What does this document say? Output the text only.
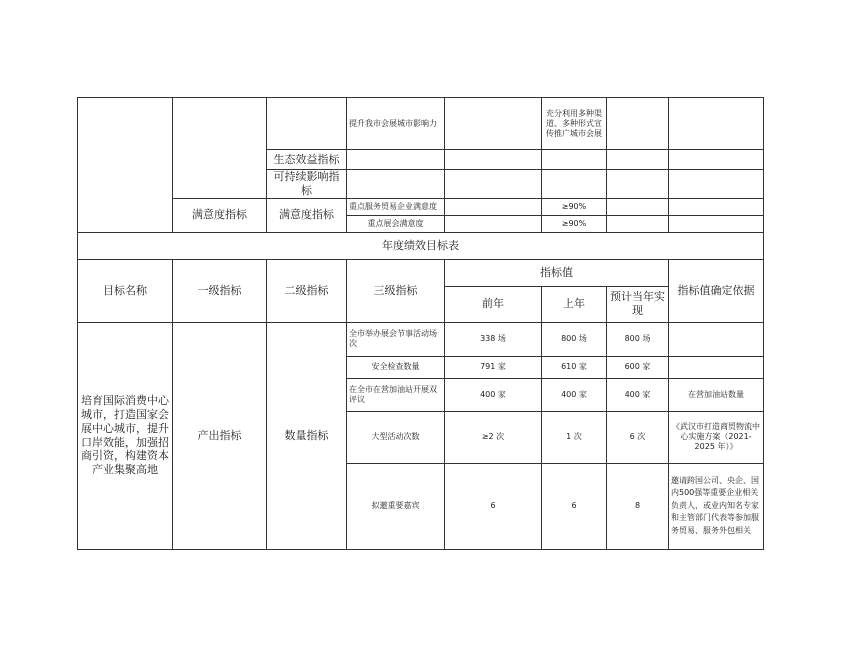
			提升我市会展城市影响力		充分利用多种渠道、多种形式宣传推广城市会展		
		生态效益指标					
		可持续影响指标					
	满意度指标	满意度指标	重点服务贸易企业满意度		≥90%		
			重点展会满意度		≥90%		
年度绩效目标表							
目标名称	一级指标	二级指标	三级指标	指标值			指标值确定依据
				前年	上年	预计当年实现	
培育国际消费中心城市，打造国家会展中心城市，提升口岸效能，加强招商引资，构建资本产业集聚高地	产出指标	数量指标	全市举办展会节事活动场次	338 场	800 场	800 场	
			安全检查数量	791 家	610 家	600 家	
			在全市在营加油站开展双评议	400 家	400 家	400 家	在营加油站数量
			大型活动次数	≥2 次	1 次	6 次	《武汉市打造商贸物流中心实施方案（2021-2025 年）》
			拟邀重要嘉宾	6	6	8	邀请跨国公司、央企、国内500强等重要企业相关负责人，或业内知名专家和主管部门代表等参加服务贸易、服务外包相关
